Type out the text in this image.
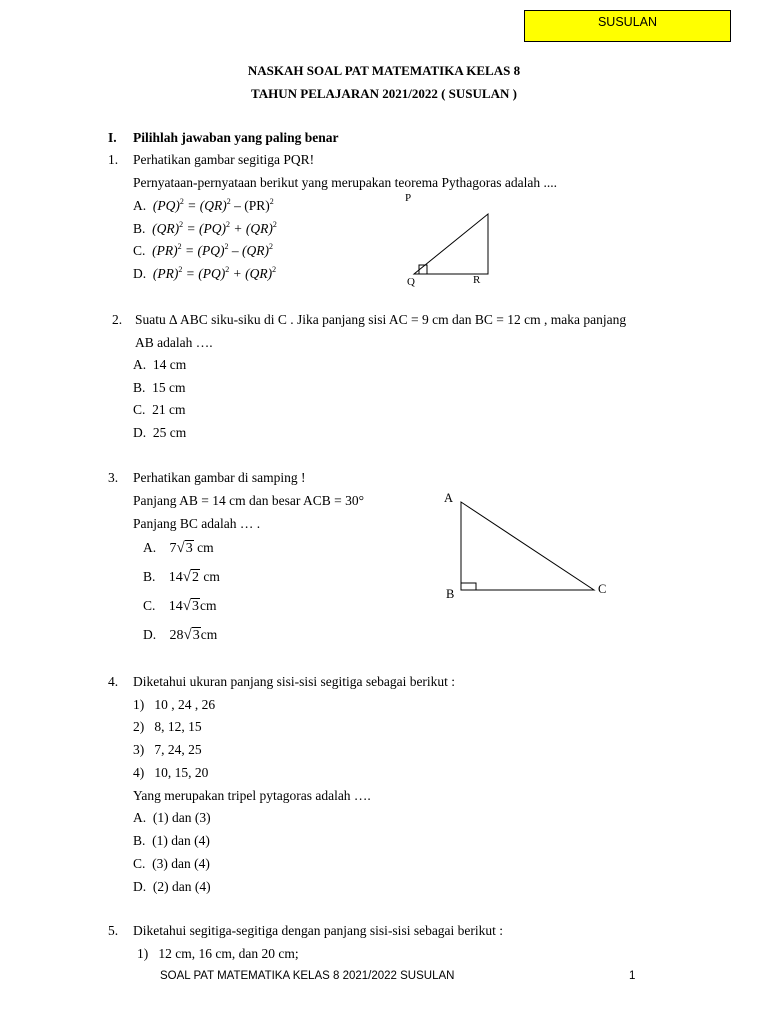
SUSULAN
NASKAH SOAL PAT MATEMATIKA KELAS 8
TAHUN PELAJARAN 2021/2022 ( SUSULAN )
I. Pilihlah jawaban yang paling benar
1. Perhatikan gambar segitiga PQR!
Pernyataan-pernyataan berikut yang merupakan teorema Pythagoras adalah ....
A. (PQ)$^2$ = (QR)$^2$ – (PR)$^2$
B. (QR)$^2$ = (PQ)$^2$ + (QR)$^2$
C. (PR)$^2$ = (PQ)$^2$ – (QR)$^2$
D. (PR)$^2$ = (PQ)$^2$ + (QR)$^2$
P
Q	R
2. Suatu ∆ ABC siku-siku di C . Jika panjang sisi AC = 9 cm dan BC = 12 cm , maka panjang
AB adalah ….
A. 14 cm
B. 15 cm
C. 21 cm
D. 25 cm
3. Perhatikan gambar di samping !
Panjang AB = 14 cm dan besar ACB = 30°
Panjang BC adalah … .
A. 7√3 cm
B. 14√2 cm
C. 14√3cm
D. 28√3cm
A
B	C
4. Diketahui ukuran panjang sisi-sisi segitiga sebagai berikut :
1) 10 , 24 , 26
2) 8, 12, 15
3) 7, 24, 25
4) 10, 15, 20
Yang merupakan tripel pytagoras adalah ….
A. (1) dan (3)
B. (1) dan (4)
C. (3) dan (4)
D. (2) dan (4)
5. Diketahui segitiga-segitiga dengan panjang sisi-sisi sebagai berikut :
1) 12 cm, 16 cm, dan 20 cm;
SOAL PAT MATEMATIKA KELAS 8 2021/2022 SUSULAN	1
